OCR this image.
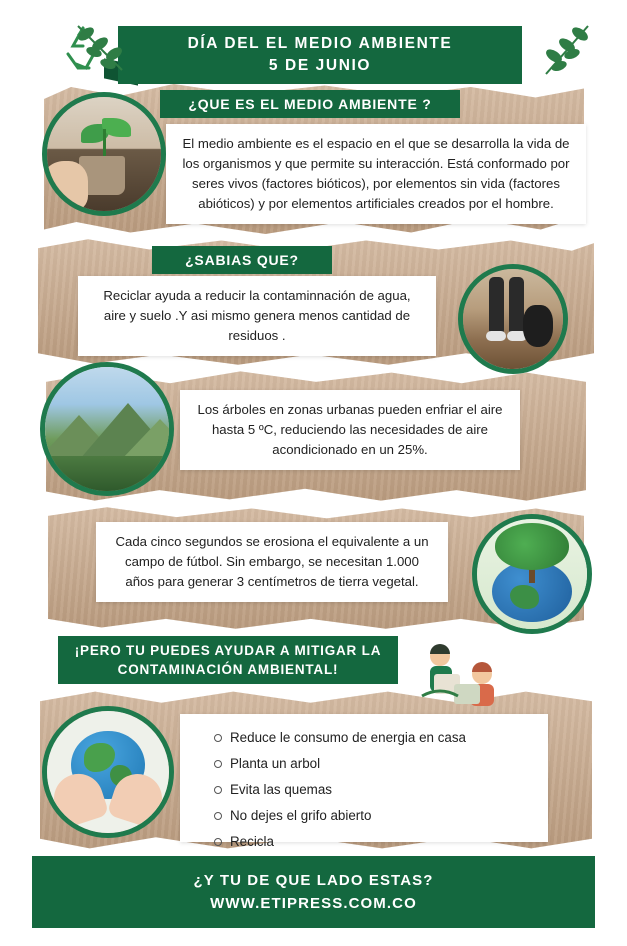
DÍA DEL EL MEDIO AMBIENTE
5 DE JUNIO
¿QUE ES EL MEDIO AMBIENTE ?
El medio ambiente es el espacio en el que se desarrolla la vida de los organismos y que permite su interacción. Está conformado por seres vivos (factores bióticos), por elementos sin vida (factores abióticos) y por elementos artificiales creados por el hombre.
¿SABIAS QUE?
Reciclar ayuda a reducir la contaminnación de agua, aire y suelo .Y asi mismo genera menos cantidad de residuos .
Los árboles en zonas urbanas pueden enfriar el aire hasta 5 ºC, reduciendo las necesidades de aire acondicionado en un 25%.
Cada cinco segundos se erosiona el equivalente a un campo de fútbol. Sin embargo, se necesitan 1.000 años para generar 3 centímetros de tierra vegetal.
¡PERO TU PUEDES AYUDAR A MITIGAR LA
CONTAMINACIÓN AMBIENTAL!
Reduce le consumo de energia en casa
Planta un arbol
Evita las quemas
No dejes el grifo abierto
Recicla
¿Y TU DE QUE LADO ESTAS?
WWW.ETIPRESS.COM.CO
